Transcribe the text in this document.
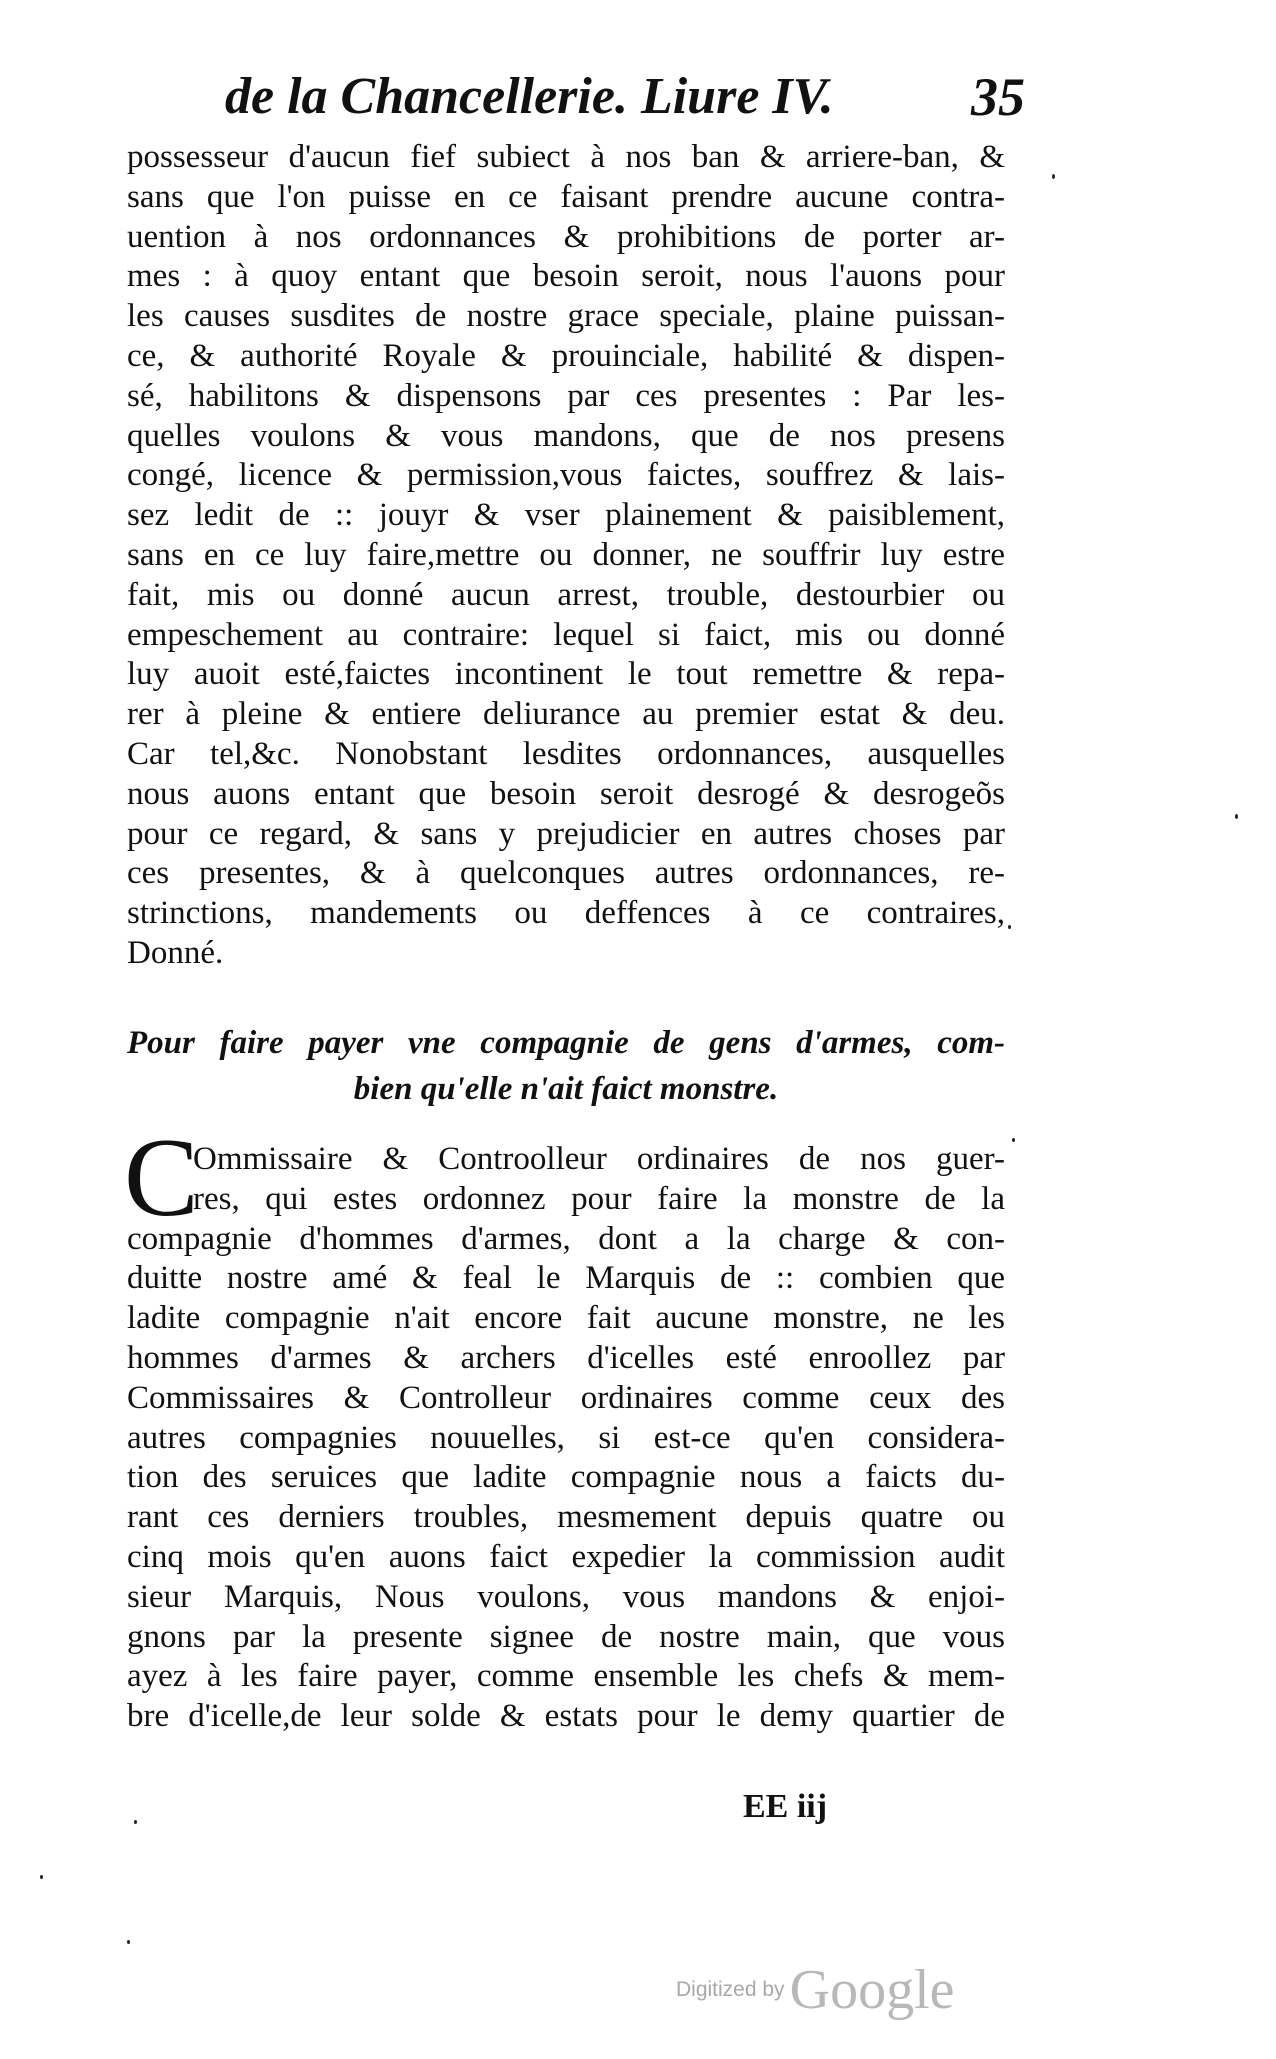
de la Chancellerie. Liure IV.	35
possesseur d'aucun fief subiect à nos ban & arriere-ban, &
sans que l'on puisse en ce faisant prendre aucune contra-
uention à nos ordonnances & prohibitions de porter ar-
mes : à quoy entant que besoin seroit, nous l'auons pour
les causes susdites de nostre grace speciale, plaine puissan-
ce, & authorité Royale & prouinciale, habilité & dispen-
sé, habilitons & dispensons par ces presentes : Par les-
quelles voulons & vous mandons, que de nos presens
congé, licence & permission,vous faictes, souffrez & lais-
sez ledit de :: jouyr & vser plainement & paisiblement,
sans en ce luy faire,mettre ou donner, ne souffrir luy estre
fait, mis ou donné aucun arrest, trouble, destourbier ou
empeschement au contraire: lequel si faict, mis ou donné
luy auoit esté,faictes incontinent le tout remettre & repa-
rer à pleine & entiere deliurance au premier estat & deu.
Car tel,&c. Nonobstant lesdites ordonnances, ausquelles
nous auons entant que besoin seroit desrogé & desrogeõs
pour ce regard, & sans y prejudicier en autres choses par
ces presentes, & à quelconques autres ordonnances, re-
strinctions, mandements ou deffences à ce contraires,
Donné.
Pour faire payer vne compagnie de gens d'armes, com-
bien qu'elle n'ait faict monstre.
C
Ommissaire & Controolleur ordinaires de nos guer-
res, qui estes ordonnez pour faire la monstre de la
compagnie d'hommes d'armes, dont a la charge & con-
duitte nostre amé & feal le Marquis de :: combien que
ladite compagnie n'ait encore fait aucune monstre, ne les
hommes d'armes & archers d'icelles esté enroollez par
Commissaires & Controlleur ordinaires comme ceux des
autres compagnies nouuelles, si est-ce qu'en considera-
tion des seruices que ladite compagnie nous a faicts du-
rant ces derniers troubles, mesmement depuis quatre ou
cinq mois qu'en auons faict expedier la commission audit
sieur Marquis, Nous voulons, vous mandons & enjoi-
gnons par la presente signee de nostre main, que vous
ayez à les faire payer, comme ensemble les chefs & mem-
bre d'icelle,de leur solde & estats pour le demy quartier de
EE iij
Digitized by Google
